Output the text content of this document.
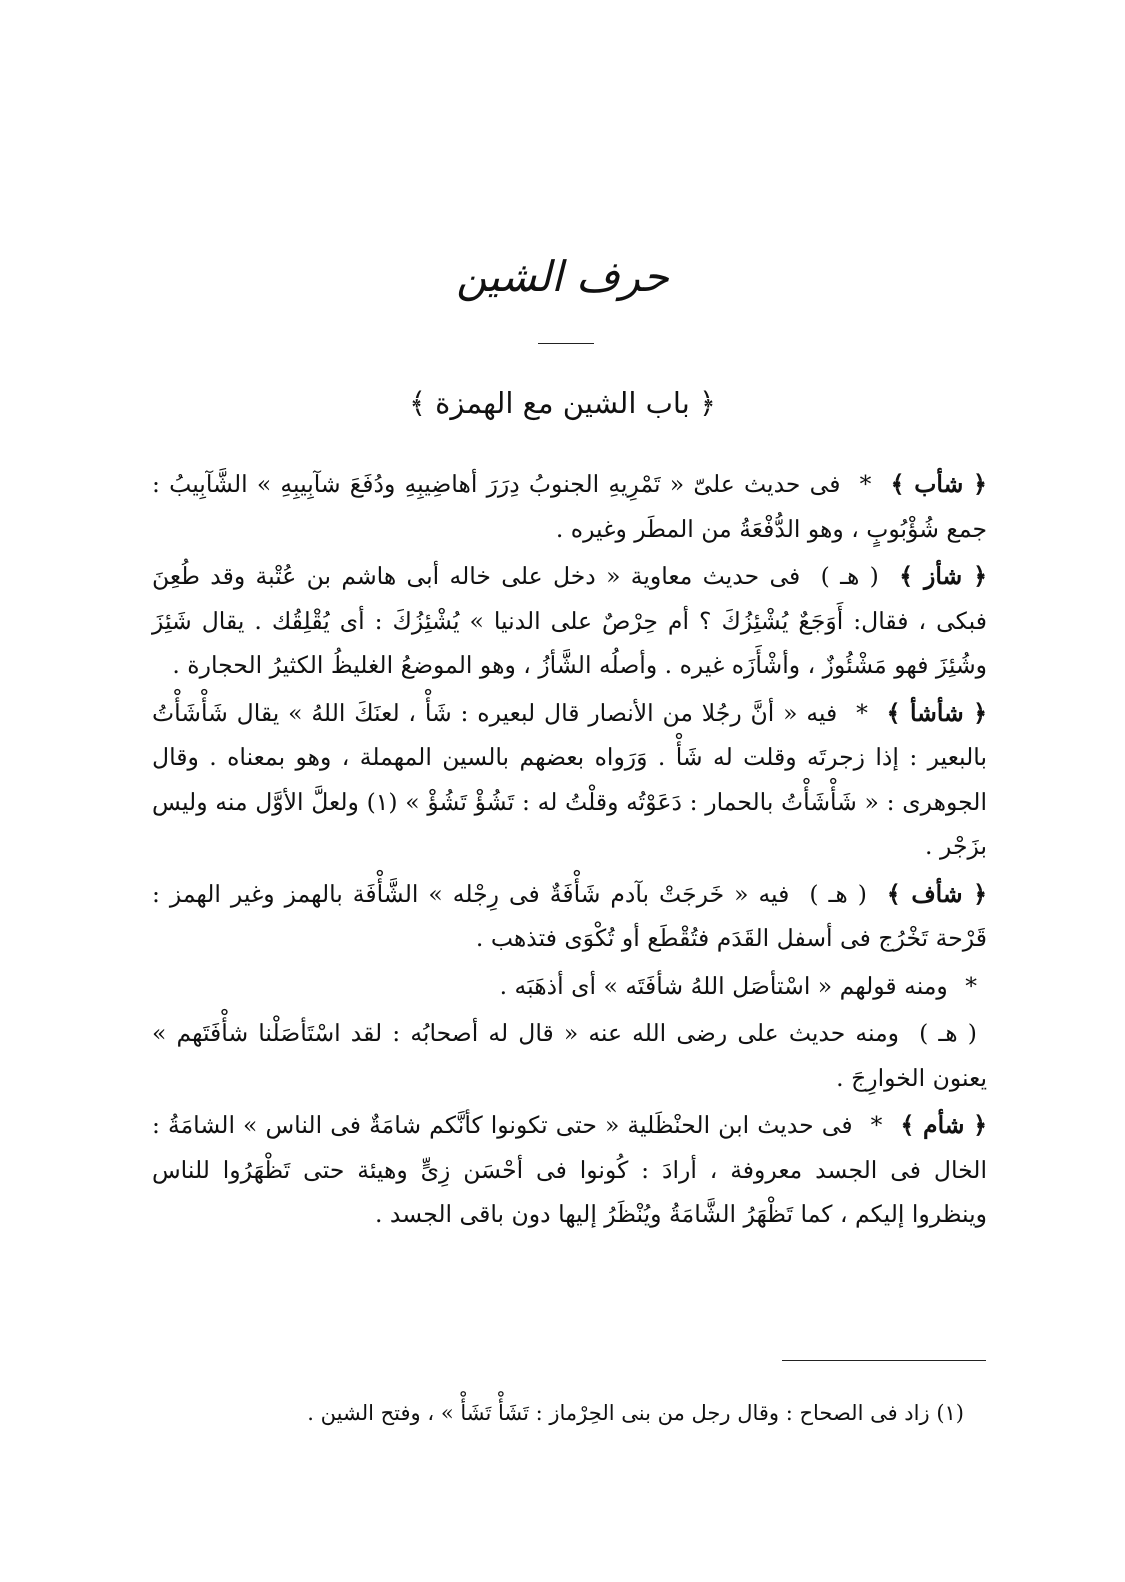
حرف الشين
﴿ باب الشين مع الهمزة ﴾

﴿ شأب ﴾ * فى حديث علىّ « تَمْرِيهِ الجنوبُ دِرَرَ أهاضِيبِهِ ودُفَعَ شآبِيبِهِ » الشَّآبِيبُ : جمع شُؤْبُوبٍ ، وهو الدُّفْعَةُ من المطَر وغيره .

﴿ شأز ﴾ ( هـ ) فى حديث معاوية « دخل على خاله أبى هاشم بن عُتْبة وقد طُعِنَ فبكى ، فقال: أَوَجَعٌ يُشْئِزُكَ ؟ أم حِرْصٌ على الدنيا » يُشْئِزُكَ : أى يُقْلِقُك . يقال شَئِزَ وشُئِزَ فهو مَشْئُوزٌ ، وأشْأَزَه غيره . وأصلُه الشَّأزُ ، وهو الموضعُ الغليظُ الكثيرُ الحجارة .

﴿ شأشأ ﴾ * فيه « أنَّ رجُلا من الأنصار قال لبعيره : شَأْ ، لعنَكَ اللهُ » يقال شَأْشَأْتُ بالبعير : إذا زجرتَه وقلت له شَأْ . وَرَواه بعضهم بالسين المهملة ، وهو بمعناه . وقال الجوهرى : « شَأْشَأْتُ بالحمار : دَعَوْتُه وقلْتُ له : تَشُؤْ تَشُؤْ » (١) ولعلَّ الأوَّل منه وليس بزَجْر .

﴿ شأف ﴾ ( هـ ) فيه « خَرجَتْ بآدم شَأْفَةٌ فى رِجْله » الشَّأْفَة بالهمز وغير الهمز : قَرْحة تَخْرُج فى أسفل القَدَم فتُقْطَع أو تُكْوَى فتذهب .

* ومنه قولهم « اسْتأصَل اللهُ شأفَتَه » أى أذهَبَه .

( هـ ) ومنه حديث على رضى الله عنه « قال له أصحابُه : لقد اسْتَأصَلْنا شأْفَتَهم » يعنون الخوارِجَ .

﴿ شأم ﴾ * فى حديث ابن الحنْظَلية « حتى تكونوا كأنَّكم شامَةٌ فى الناس » الشامَةُ : الخال فى الجسد معروفة ، أرادَ : كُونوا فى أحْسَن زِىٍّ وهيئة حتى تَظْهَرُوا للناس وينظروا إليكم ، كما تَظْهَرُ الشَّامَةُ ويُنْظَرُ إليها دون باقى الجسد .

(١) زاد فى الصحاح : وقال رجل من بنى الحِرْماز : تَشَأْ تَشَأْ » ، وفتح الشين .
